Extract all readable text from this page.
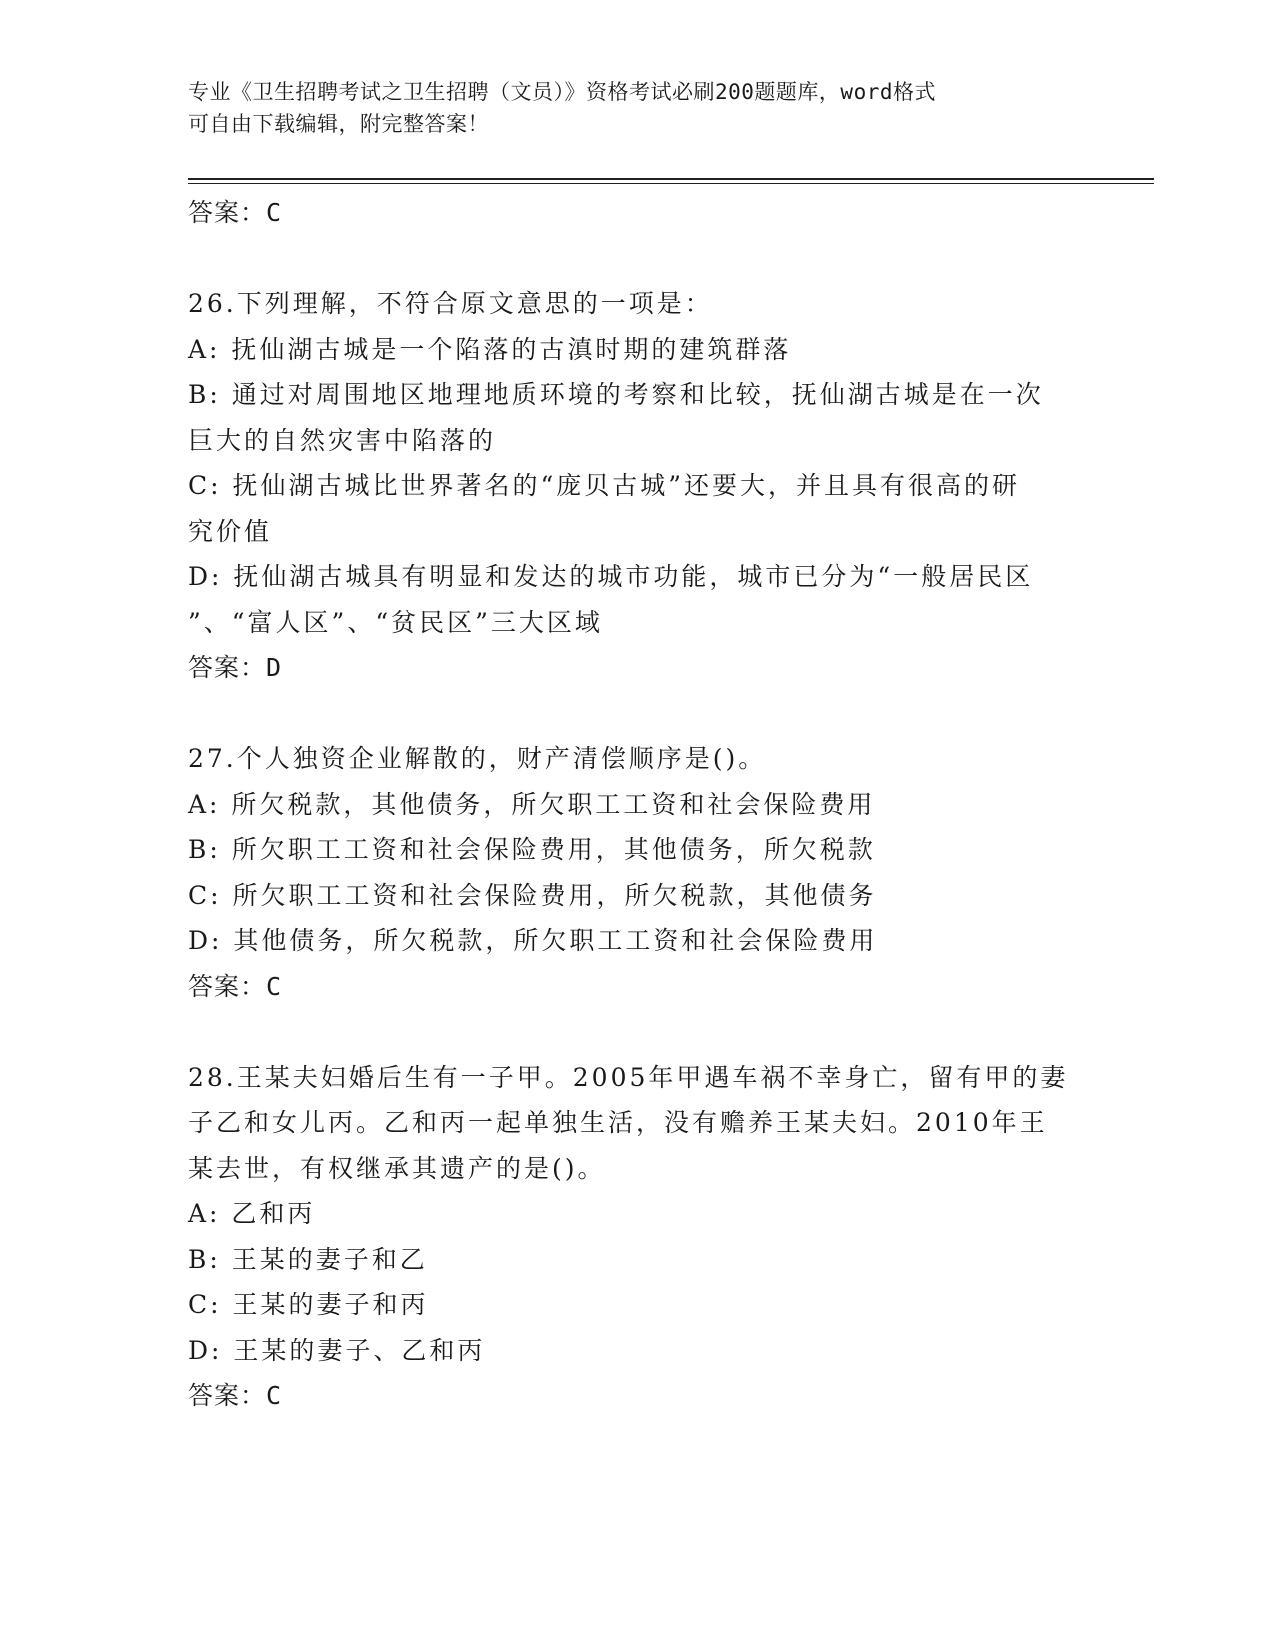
专业《卫生招聘考试之卫生招聘（文员）》资格考试必刷200题题库，word格式
可自由下载编辑，附完整答案！
答案：C
26.下列理解，不符合原文意思的一项是：
A: 抚仙湖古城是一个陷落的古滇时期的建筑群落
B: 通过对周围地区地理地质环境的考察和比较，抚仙湖古城是在一次
巨大的自然灾害中陷落的
C: 抚仙湖古城比世界著名的“庞贝古城”还要大，并且具有很高的研
究价值
D: 抚仙湖古城具有明显和发达的城市功能，城市已分为“一般居民区
”、“富人区”、“贫民区”三大区域
答案：D
27.个人独资企业解散的，财产清偿顺序是()。
A: 所欠税款，其他债务，所欠职工工资和社会保险费用
B: 所欠职工工资和社会保险费用，其他债务，所欠税款
C: 所欠职工工资和社会保险费用，所欠税款，其他债务
D: 其他债务，所欠税款，所欠职工工资和社会保险费用
答案：C
28.王某夫妇婚后生有一子甲。2005年甲遇车祸不幸身亡，留有甲的妻
子乙和女儿丙。乙和丙一起单独生活，没有赡养王某夫妇。2010年王
某去世，有权继承其遗产的是()。
A: 乙和丙
B: 王某的妻子和乙
C: 王某的妻子和丙
D: 王某的妻子、乙和丙
答案：C
